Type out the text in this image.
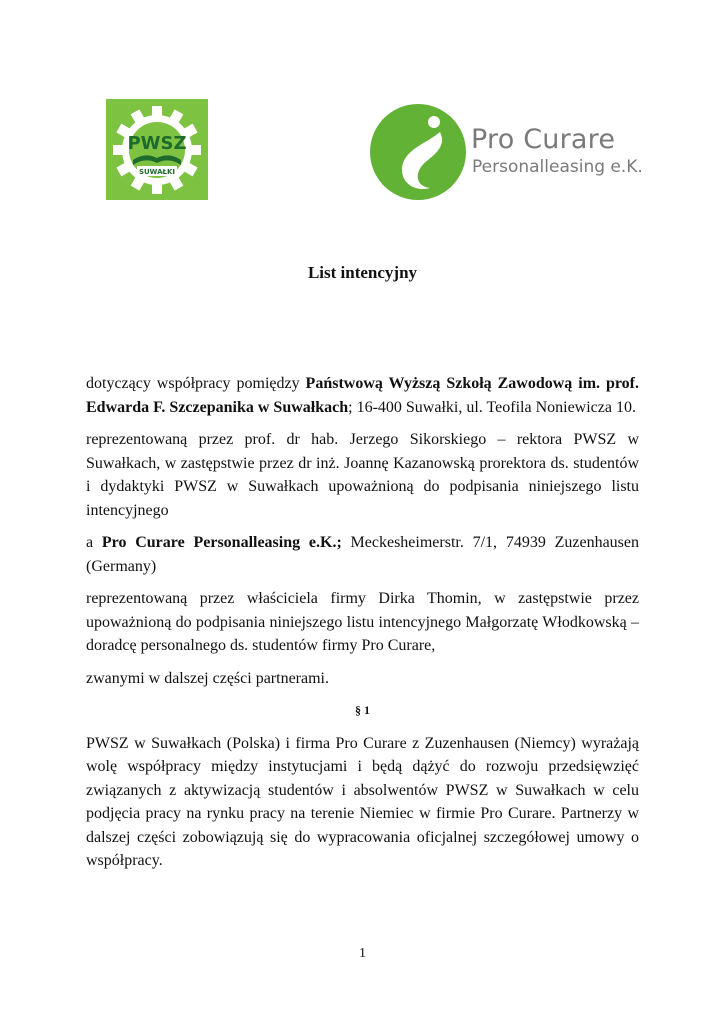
PWSZ
SUWAŁKI
Pro Curare
Personalleasing e.K.
List intencyjny

dotyczący współpracy pomiędzy Państwową Wyższą Szkołą Zawodową im. prof. Edwarda F. Szczepanika w Suwałkach; 16-400 Suwałki, ul. Teofila Noniewicza 10.

reprezentowaną przez prof. dr hab. Jerzego Sikorskiego – rektora PWSZ w Suwałkach, w zastępstwie przez dr inż. Joannę Kazanowską prorektora ds. studentów i dydaktyki PWSZ w Suwałkach upoważnioną do podpisania niniejszego listu intencyjnego

a Pro Curare Personalleasing e.K.; Meckesheimerstr. 7/1, 74939 Zuzenhausen (Germany)

reprezentowaną przez właściciela firmy Dirka Thomin, w zastępstwie przez upoważnioną do podpisania niniejszego listu intencyjnego Małgorzatę Włodkowską – doradcę personalnego ds. studentów firmy Pro Curare,

zwanymi w dalszej części partnerami.

§ 1

PWSZ w Suwałkach (Polska) i firma Pro Curare z Zuzenhausen (Niemcy) wyrażają wolę współpracy między instytucjami i będą dążyć do rozwoju przedsięwzięć związanych z aktywizacją studentów i absolwentów PWSZ w Suwałkach w celu podjęcia pracy na rynku pracy na terenie Niemiec w firmie Pro Curare. Partnerzy w dalszej części zobowiązują się do wypracowania oficjalnej szczegółowej umowy o współpracy.

1
